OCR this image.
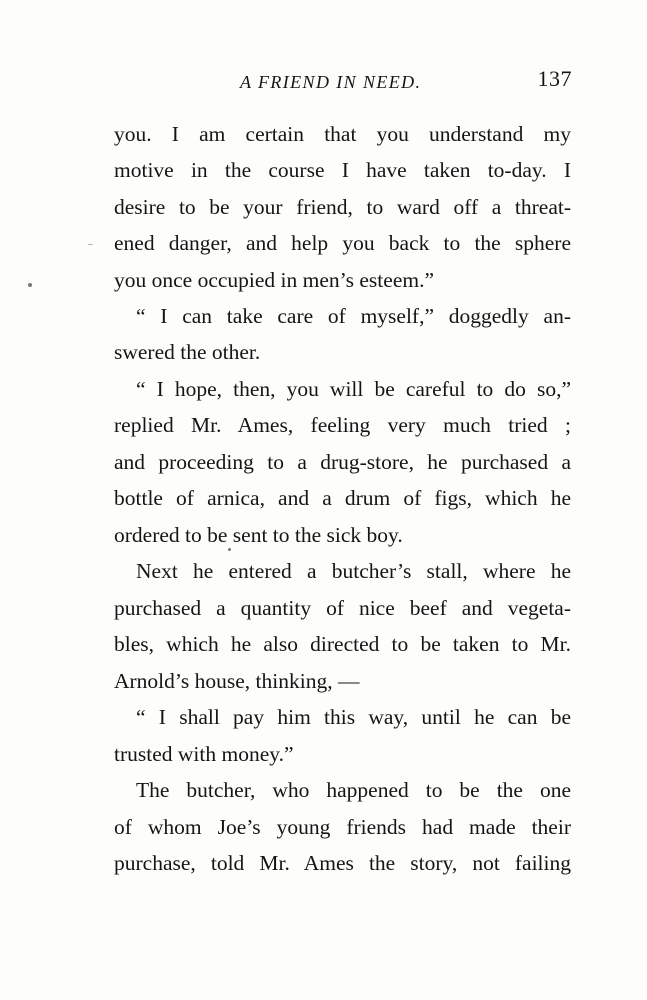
A FRIEND IN NEED.	137
you. I am certain that you understand my
motive in the course I have taken to-day. I
desire to be your friend, to ward off a threat-
ened danger, and help you back to the sphere
you once occupied in men’s esteem.”
“ I can take care of myself,” doggedly an-
swered the other.
“ I hope, then, you will be careful to do so,”
replied Mr. Ames, feeling very much tried ;
and proceeding to a drug-store, he purchased a
bottle of arnica, and a drum of figs, which he
ordered to be sent to the sick boy.
Next he entered a butcher’s stall, where he
purchased a quantity of nice beef and vegeta-
bles, which he also directed to be taken to Mr.
Arnold’s house, thinking, —
“ I shall pay him this way, until he can be
trusted with money.”
The butcher, who happened to be the one
of whom Joe’s young friends had made their
purchase, told Mr. Ames the story, not failing
